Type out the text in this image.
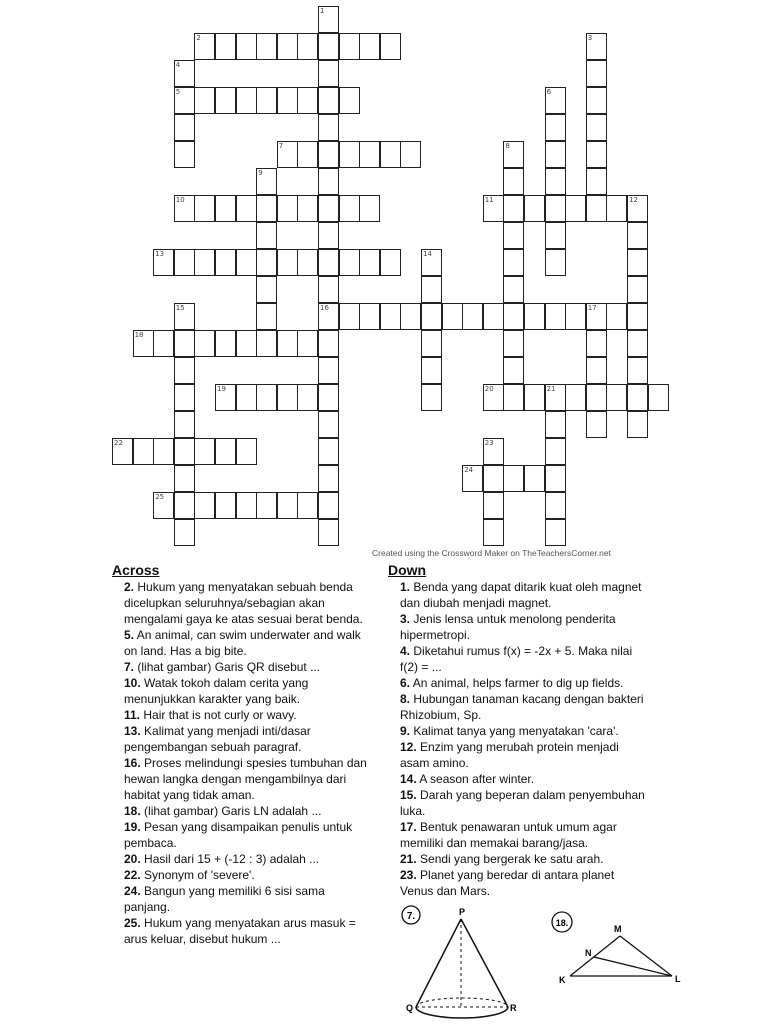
1
16
2	3
4
5	6
7	8
9
10	11	12
13	14
15	17
18
19	20	21
22	23
24
25
Created using the Crossword Maker on TheTeachersCorner.net
Across

2. Hukum yang menyatakan sebuah benda dicelupkan seluruhnya/sebagian akan mengalami gaya ke atas sesuai berat benda.

5. An animal, can swim underwater and walk on land. Has a big bite.

7. (lihat gambar) Garis QR disebut ...

10. Watak tokoh dalam cerita yang menunjukkan karakter yang baik.

11. Hair that is not curly or wavy.

13. Kalimat yang menjadi inti/dasar pengembangan sebuah paragraf.

16. Proses melindungi spesies tumbuhan dan hewan langka dengan mengambilnya dari habitat yang tidak aman.

18. (lihat gambar) Garis LN adalah ...

19. Pesan yang disampaikan penulis untuk pembaca.

20. Hasil dari 15 + (-12 : 3) adalah ...

22. Synonym of 'severe'.

24. Bangun yang memiliki 6 sisi sama panjang.

25. Hukum yang menyatakan arus masuk = arus keluar, disebut hukum ...

Down

1. Benda yang dapat ditarik kuat oleh magnet dan diubah menjadi magnet.

3. Jenis lensa untuk menolong penderita hipermetropi.

4. Diketahui rumus f(x) = -2x + 5. Maka nilai f(2) = ...

6. An animal, helps farmer to dig up fields.

8. Hubungan tanaman kacang dengan bakteri Rhizobium, Sp.

9. Kalimat tanya yang menyatakan 'cara'.

12. Enzim yang merubah protein menjadi asam amino.

14. A season after winter.

15. Darah yang beperan dalam penyembuhan luka.

17. Bentuk penawaran untuk umum agar memiliki dan memakai barang/jasa.

21. Sendi yang bergerak ke satu arah.

23. Planet yang beredar di antara planet Venus dan Mars.

7.	P
Q	R
18.
M
N
K	L
